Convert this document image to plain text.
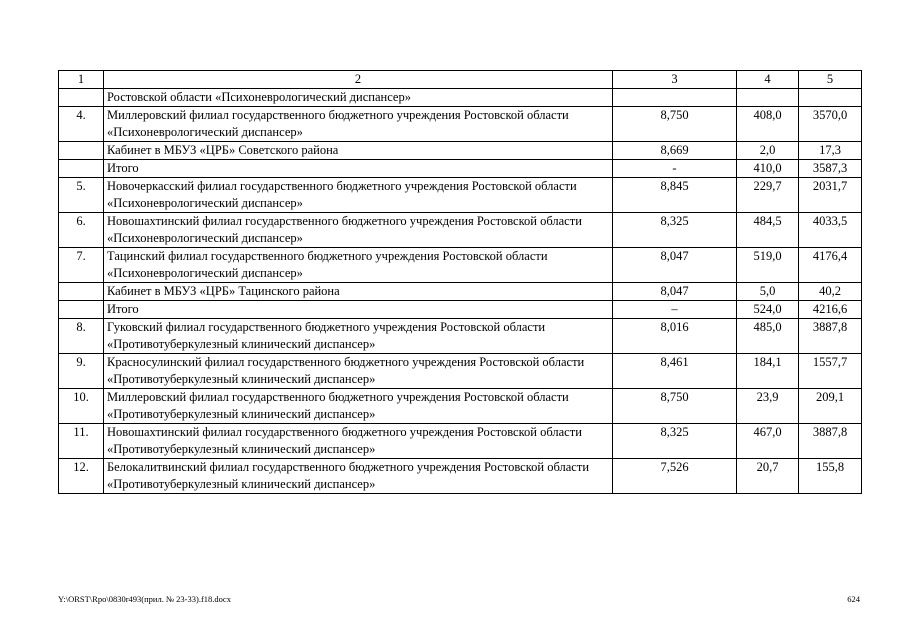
1	2	3	4	5
	Ростовской области «Психоневрологический диспансер»			
4.	Миллеровский филиал государственного бюджетного учреждения Ростовской области «Психоневрологический диспансер»	8,750	408,0	3570,0
	Кабинет в МБУЗ «ЦРБ» Советского района	8,669	2,0	17,3
	Итого	-	410,0	3587,3
5.	Новочеркасский филиал государственного бюджетного учреждения Ростовской области «Психоневрологический диспансер»	8,845	229,7	2031,7
6.	Новошахтинский филиал государственного бюджетного учреждения Ростовской области «Психоневрологический диспансер»	8,325	484,5	4033,5
7.	Тацинский филиал государственного бюджетного учреждения Ростовской области «Психоневрологический диспансер»	8,047	519,0	4176,4
	Кабинет в МБУЗ «ЦРБ» Тацинского района	8,047	5,0	40,2
	Итого	–	524,0	4216,6
8.	Гуковский филиал государственного бюджетного учреждения Ростовской области «Противотуберкулезный клинический диспансер»	8,016	485,0	3887,8
9.	Красносулинский филиал государственного бюджетного учреждения Ростовской области «Противотуберкулезный клинический диспансер»	8,461	184,1	1557,7
10.	Миллеровский филиал государственного бюджетного учреждения Ростовской области «Противотуберкулезный клинический диспансер»	8,750	23,9	209,1
11.	Новошахтинский филиал государственного бюджетного учреждения Ростовской области «Противотуберкулезный клинический диспансер»	8,325	467,0	3887,8
12.	Белокалитвинский филиал государственного бюджетного учреждения Ростовской области «Противотуберкулезный клинический диспансер»	7,526	20,7	155,8
Y:\ORST\Rpo\0830r493(прил. № 23-33).f18.docx	624
